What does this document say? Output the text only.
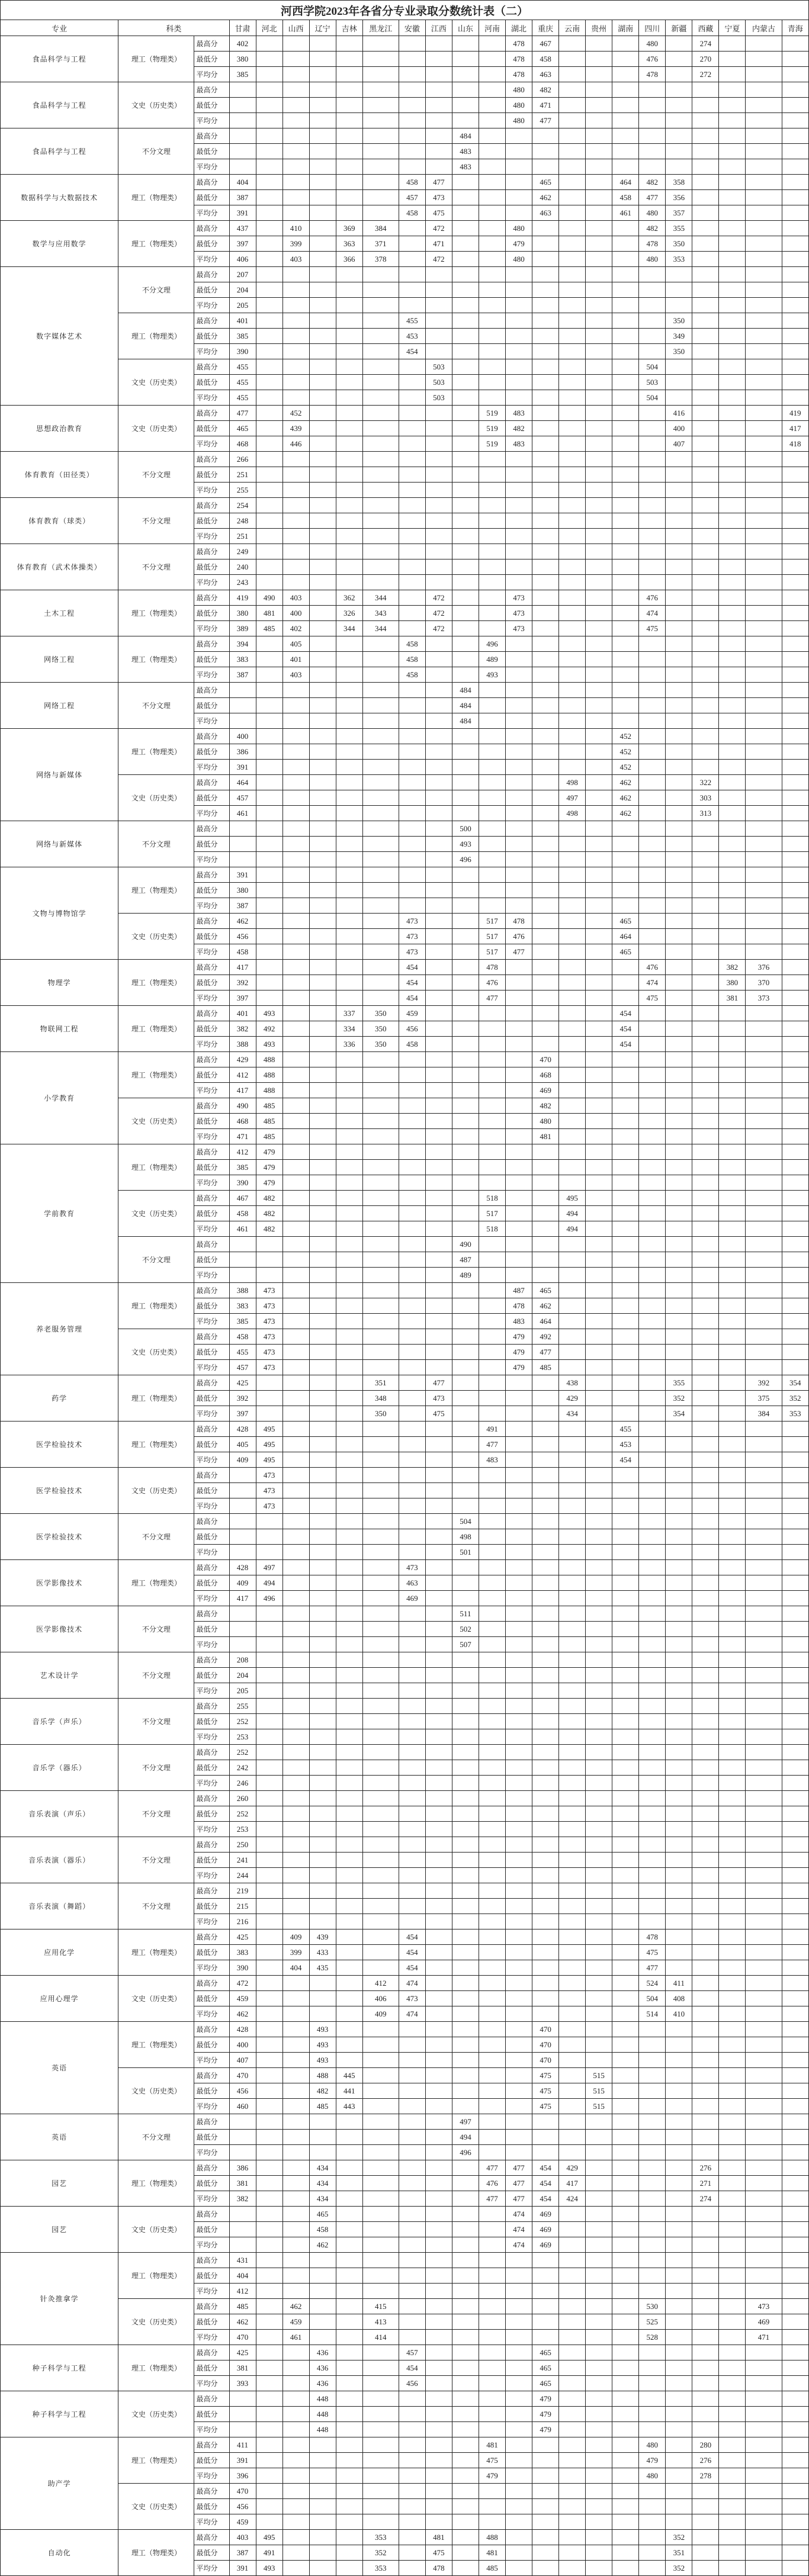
河西学院2023年各省分专业录取分数统计表（二）																							
专业	科类		甘肃	河北	山西	辽宁	吉林	黑龙江	安徽	江西	山东	河南	湖北	重庆	云南	贵州	湖南	四川	新疆	西藏	宁夏	内蒙古	青海
食品科学与工程	理工（物理类）	最高分	402										478	467				480		274			
		最低分	380										478	458				476		270			
		平均分	385										478	463				478		272			
食品科学与工程	文史（历史类）	最高分											480	482									
		最低分											480	471									
		平均分											480	477									
食品科学与工程	不分文理	最高分									484												
		最低分									483												
		平均分									483												
数据科学与大数据技术	理工（物理类）	最高分	404						458	477				465			464	482	358				
		最低分	387						457	473				462			458	477	356				
		平均分	391						458	475				463			461	480	357				
数学与应用数学	理工（物理类）	最高分	437		410		369	384		472			480					482	355				
		最低分	397		399		363	371		471			479					478	350				
		平均分	406		403		366	378		472			480					480	353				
数字媒体艺术	不分文理	最高分	207																				
		最低分	204																				
		平均分	205																				
	理工（物理类）	最高分	401						455										350				
		最低分	385						453										349				
		平均分	390						454										350				
	文史（历史类）	最高分	455							503								504					
		最低分	455							503								503					
		平均分	455							503								504					
思想政治教育	文史（历史类）	最高分	477		452							519	483						416				419
		最低分	465		439							519	482						400				417
		平均分	468		446							519	483						407				418
体育教育（田径类）	不分文理	最高分	266																				
		最低分	251																				
		平均分	255																				
体育教育（球类）	不分文理	最高分	254																				
		最低分	248																				
		平均分	251																				
体育教育（武术体操类）	不分文理	最高分	249																				
		最低分	240																				
		平均分	243																				
土木工程	理工（物理类）	最高分	419	490	403		362	344		472			473					476					
		最低分	380	481	400		326	343		472			473					474					
		平均分	389	485	402		344	344		472			473					475					
网络工程	理工（物理类）	最高分	394		405				458			496											
		最低分	383		401				458			489											
		平均分	387		403				458			493											
网络工程	不分文理	最高分									484												
		最低分									484												
		平均分									484												
网络与新媒体	理工（物理类）	最高分	400														452						
		最低分	386														452						
		平均分	391														452						
	文史（历史类）	最高分	464												498		462			322			
		最低分	457												497		462			303			
		平均分	461												498		462			313			
网络与新媒体	不分文理	最高分									500												
		最低分									493												
		平均分									496												
文物与博物馆学	理工（物理类）	最高分	391																				
		最低分	380																				
		平均分	387																				
	文史（历史类）	最高分	462						473			517	478				465						
		最低分	456						473			517	476				464						
		平均分	458						473			517	477				465						
物理学	理工（物理类）	最高分	417						454			478						476			382	376	
		最低分	392						454			476						474			380	370	
		平均分	397						454			477						475			381	373	
物联网工程	理工（物理类）	最高分	401	493			337	350	459								454						
		最低分	382	492			334	350	456								454						
		平均分	388	493			336	350	458								454						
小学教育	理工（物理类）	最高分	429	488										470									
		最低分	412	488										468									
		平均分	417	488										469									
	文史（历史类）	最高分	490	485										482									
		最低分	468	485										480									
		平均分	471	485										481									
学前教育	理工（物理类）	最高分	412	479																			
		最低分	385	479																			
		平均分	390	479																			
	文史（历史类）	最高分	467	482								518			495								
		最低分	458	482								517			494								
		平均分	461	482								518			494								
	不分文理	最高分									490												
		最低分									487												
		平均分									489												
养老服务管理	理工（物理类）	最高分	388	473									487	465									
		最低分	383	473									478	462									
		平均分	385	473									483	464									
	文史（历史类）	最高分	458	473									479	492									
		最低分	455	473									479	477									
		平均分	457	473									479	485									
药学	理工（物理类）	最高分	425					351		477					438				355			392	354
		最低分	392					348		473					429				352			375	352
		平均分	397					350		475					434				354			384	353
医学检验技术	理工（物理类）	最高分	428	495								491					455						
		最低分	405	495								477					453						
		平均分	409	495								483					454						
医学检验技术	文史（历史类）	最高分		473																			
		最低分		473																			
		平均分		473																			
医学检验技术	不分文理	最高分									504												
		最低分									498												
		平均分									501												
医学影像技术	理工（物理类）	最高分	428	497					473														
		最低分	409	494					463														
		平均分	417	496					469														
医学影像技术	不分文理	最高分									511												
		最低分									502												
		平均分									507												
艺术设计学	不分文理	最高分	208																				
		最低分	204																				
		平均分	205																				
音乐学（声乐）	不分文理	最高分	255																				
		最低分	252																				
		平均分	253																				
音乐学（器乐）	不分文理	最高分	252																				
		最低分	242																				
		平均分	246																				
音乐表演（声乐）	不分文理	最高分	260																				
		最低分	252																				
		平均分	253																				
音乐表演（器乐）	不分文理	最高分	250																				
		最低分	241																				
		平均分	244																				
音乐表演（舞蹈）	不分文理	最高分	219																				
		最低分	215																				
		平均分	216																				
应用化学	理工（物理类）	最高分	425		409	439			454									478					
		最低分	383		399	433			454									475					
		平均分	390		404	435			454									477					
应用心理学	文史（历史类）	最高分	472					412	474									524	411				
		最低分	459					406	473									504	408				
		平均分	462					409	474									514	410				
英语	理工（物理类）	最高分	428			493								470									
		最低分	400			493								470									
		平均分	407			493								470									
	文史（历史类）	最高分	470			488	445							475		515							
		最低分	456			482	441							475		515							
		平均分	460			485	443							475		515							
英语	不分文理	最高分									497												
		最低分									494												
		平均分									496												
园艺	理工（物理类）	最高分	386			434						477	477	454	429					276			
		最低分	381			434						476	477	454	417					271			
		平均分	382			434						477	477	454	424					274			
园艺	文史（历史类）	最高分				465							474	469									
		最低分				458							474	469									
		平均分				462							474	469									
针灸推拿学	理工（物理类）	最高分	431																				
		最低分	404																				
		平均分	412																				
	文史（历史类）	最高分	485		462			415										530				473	
		最低分	462		459			413										525				469	
		平均分	470		461			414										528				471	
种子科学与工程	理工（物理类）	最高分	425			436			457					465									
		最低分	381			436			454					465									
		平均分	393			436			456					465									
种子科学与工程	文史（历史类）	最高分				448								479									
		最低分				448								479									
		平均分				448								479									
助产学	理工（物理类）	最高分	411									481						480		280			
		最低分	391									475						479		276			
		平均分	396									479						480		278			
	文史（历史类）	最高分	470																				
		最低分	456																				
		平均分	459																				
自动化	理工（物理类）	最高分	403	495				353		481		488							352				
		最低分	387	491				352		475		481							351				
		平均分	391	493				353		478		485							352				
